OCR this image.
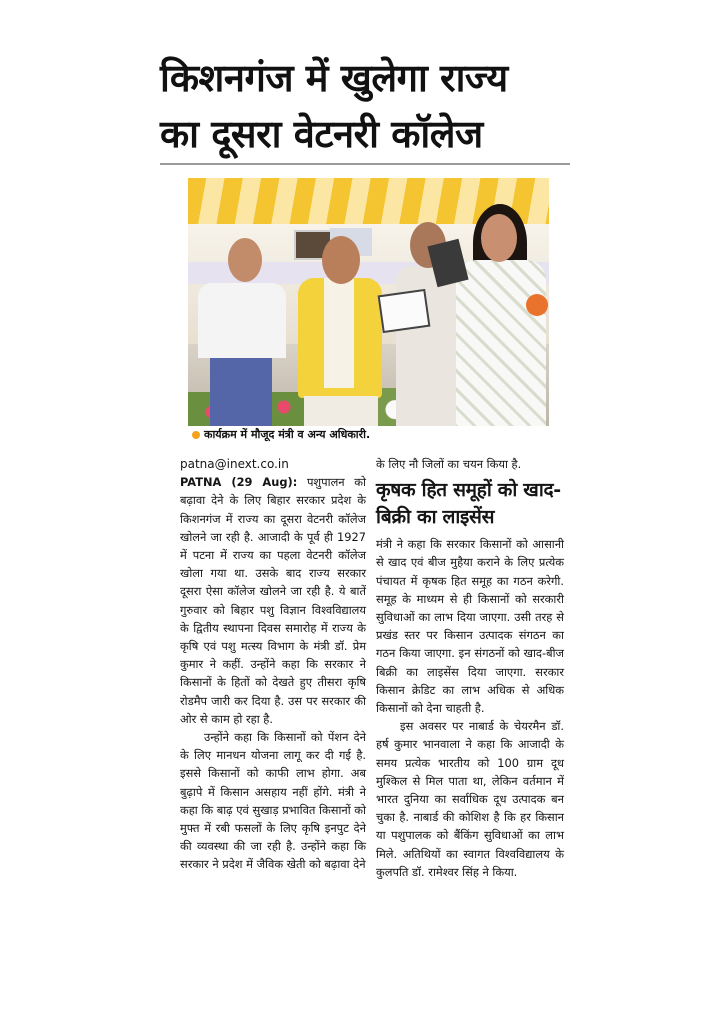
किशनगंज में खुलेगा राज्य
का दूसरा वेटनरी कॉलेज
कार्यक्रम में मौजूद मंत्री व अन्य अधिकारी.

patna@inext.co.in

PATNA (29 Aug): पशुपालन को बढ़ावा देने के लिए बिहार सरकार प्रदेश के किशनगंज में राज्य का दूसरा वेटनरी कॉलेज खोलने जा रही है. आजादी के पूर्व ही 1927 में पटना में राज्य का पहला वेटनरी कॉलेज खोला गया था. उसके बाद राज्य सरकार दूसरा ऐसा कॉलेज खोलने जा रही है. ये बातें गुरुवार को बिहार पशु विज्ञान विश्वविद्यालय के द्वितीय स्थापना दिवस समारोह में राज्य के कृषि एवं पशु मत्स्य विभाग के मंत्री डॉ. प्रेम कुमार ने कहीं. उन्होंने कहा कि सरकार ने किसानों के हितों को देखते हुए तीसरा कृषि रोडमैप जारी कर दिया है. उस पर सरकार की ओर से काम हो रहा है.

उन्होंने कहा कि किसानों को पेंशन देने के लिए मानधन योजना लागू कर दी गई है. इससे किसानों को काफी लाभ होगा. अब बुढ़ापे में किसान असहाय नहीं होंगे. मंत्री ने कहा कि बाढ़ एवं सुखाड़ प्रभावित किसानों को मुफ्त में रबी फसलों के लिए कृषि इनपुट देने की व्यवस्था की जा रही है. उन्होंने कहा कि सरकार ने प्रदेश में जैविक खेती को बढ़ावा देने

के लिए नौ जिलों का चयन किया है.

कृषक हित समूहों को खाद-बिक्री का लाइसेंस

मंत्री ने कहा कि सरकार किसानों को आसानी से खाद एवं बीज मुहैया कराने के लिए प्रत्येक पंचायत में कृषक हित समूह का गठन करेगी. समूह के माध्यम से ही किसानों को सरकारी सुविधाओं का लाभ दिया जाएगा. उसी तरह से प्रखंड स्तर पर किसान उत्पादक संगठन का गठन किया जाएगा. इन संगठनों को खाद-बीज बिक्री का लाइसेंस दिया जाएगा. सरकार किसान क्रेडिट का लाभ अधिक से अधिक किसानों को देना चाहती है.

इस अवसर पर नाबार्ड के चेयरमैन डॉ. हर्ष कुमार भानवाला ने कहा कि आजादी के समय प्रत्येक भारतीय को 100 ग्राम दूध मुश्किल से मिल पाता था, लेकिन वर्तमान में भारत दुनिया का सर्वाधिक दूध उत्पादक बन चुका है. नाबार्ड की कोशिश है कि हर किसान या पशुपालक को बैंकिंग सुविधाओं का लाभ मिले. अतिथियों का स्वागत विश्वविद्यालय के कुलपति डॉ. रामेश्वर सिंह ने किया.
